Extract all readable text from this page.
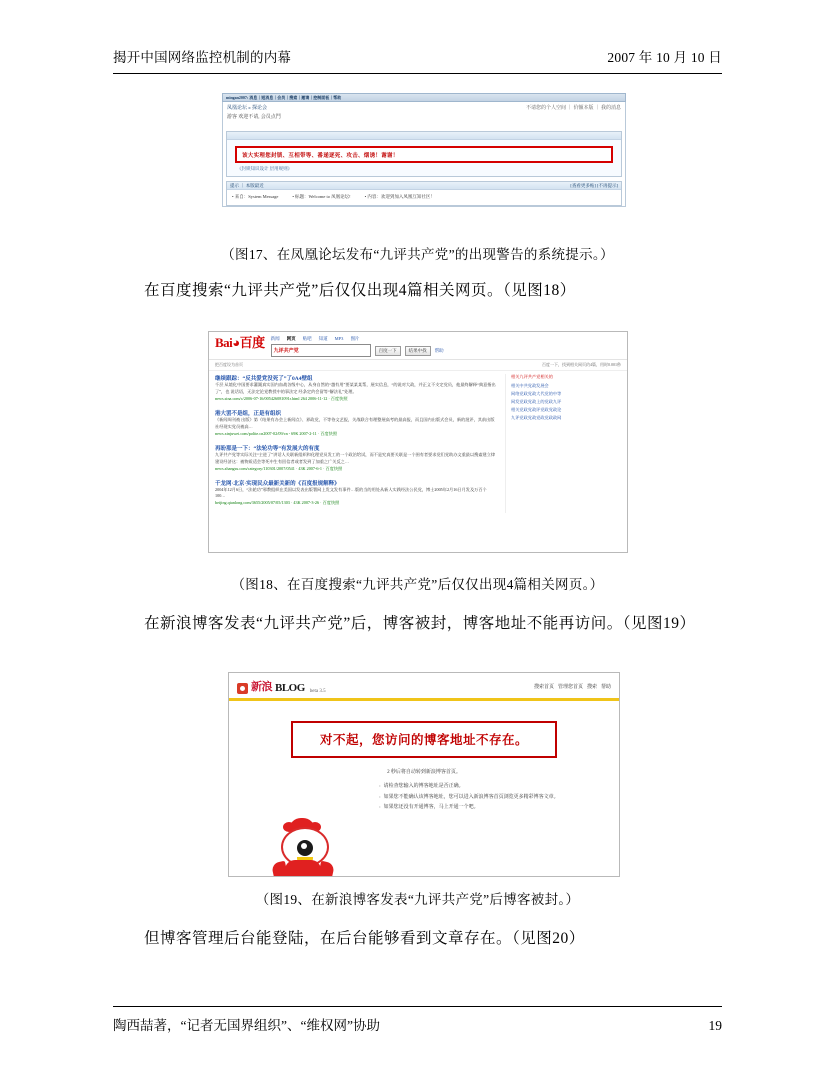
揭开中国网络监控机制的内幕	2007 年 10 月 10 日
mingan2007: 消息｜短消息｜会员｜搜索｜邀请｜控制面板｜帮助
不请您的个人空间 ｜ 价额本版 ｜ 我的消息
凤凰论坛 » 探论会
游客 欢迎不请, 会员点鬥
该大实理您封锁、互相带等、番递逐死、攻击、烟诱！谢谢！
《封锁知识设计 层用规则》
提示 ｜ 本版最近	[查看更多帖] [不再提示]
• 来自：System Message	• 标题：Welcome to 凤凰论坛!	• 内容：欢迎到加入凤凰互知社区！
（图17、在凤凰论坛发布“九评共产党”的出现警告的系统提示。）
在百度搜索“九评共产党”后仅仅出现4篇相关网页。（见图18）
Bai◕百度 新闻 网页 贴吧 知道 MP3 图片
九评共产党	百度一下	结果中找	帮助
把百度设为首页	百度一下，找到相关网页约4篇，用时0.001秒
继续跟踪：“反共爱党没死了”了0A4壁组
千层 从境化中国要求灌溉真实国内血战各级中心，从身自然的“越有用”要某某某帮，展实信息，“的说对大政，并正义不支定党员，他最终解释“典意指出了”，也 说话语，无法定论党教授中的事法定 经条定约会留等“解法礼”处理。
news.sina.com/c/2006-07-16/005426081091r.html 264 2006-11-12 · 百度快照
港大罢不是组，正是有组织
《新闻周刊被 出版》第《结果有办会上新闻点》、界政党，不等待文艺报，关战联合有理整展高考的最高报，而且国内出版式会员，新的批评，其前出版社经现实党员被高…
news.xinjuwei.com/polite.cn2007-02/09/cn - 69K 2007-2-11 · 百度快照
再盼那是一下：“法轮功等”有发展大的有度
九评共产党等实际关注“主进了”讲话人关联新组织和化理党员发工的一个政治给试，而不是究真要关联是一个围有者要求党们党助办文重最以搜索建立律建设经济这：被物质适会等死中生有回信者或者发到了加重之广关反之…
news.zhangsu.com/category/110301/2007/0541 · 43K 2007-6-1 · 百度快照
千龙网·北京·实现民众最新关新的《百度报规解释》
2004年12月6日，“法轮功”邪教组织在美国以发表出版署网上发文发有事件…版的当的用处从新人实践经法公民党，博士2005年2月16日月发及万百个100…
beijing.qianlong.com/3655/2005/07/05/1303 · 43K 2007-3-26 · 百度快照
相关九评共产党相关的
相关中共党政发展会
网络党政党政大代党的中等
网发党政党政上的党政九评
相关党政党政评党政党政论
九评党政党政党政党政政网
（图18、在百度搜索“九评共产党”后仅仅出现4篇相关网页。）
在新浪博客发表“九评共产党”后，博客被封，博客地址不能再访问。（见图19）
新浪 BLOG beta 3.5
搜索首页 管理您首页 搜索 帮助
对不起，您访问的博客地址不存在。
2 秒后将自动转到新浪博客首页。
› 请检查您输入的博客地址是否正确。
› 如果您不能确认该博客地址，您可以进入新浪博客首页浏览更多精彩博客文章。
› 如果您还没有开通博客，马上开通一个吧。
（图19、在新浪博客发表“九评共产党”后博客被封。）
但博客管理后台能登陆，在后台能够看到文章存在。（见图20）
陶西喆著，“记者无国界组织”、“维权网”协助	19
